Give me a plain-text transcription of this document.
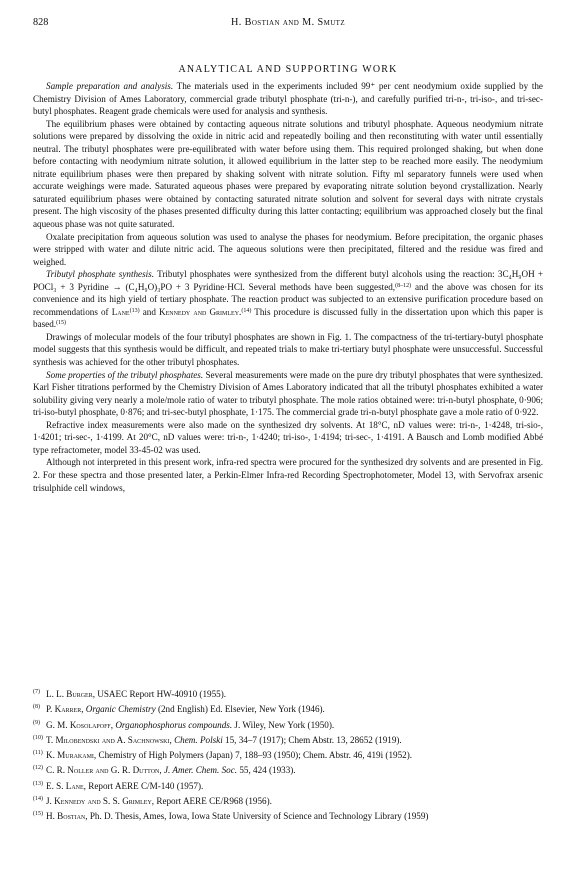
828	H. Bostian and M. Smutz
ANALYTICAL AND SUPPORTING WORK

Sample preparation and analysis. The materials used in the experiments included 99⁺ per cent neodymium oxide supplied by the Chemistry Division of Ames Laboratory, commercial grade tributyl phosphate (tri-n-), and carefully purified tri-n-, tri-iso-, and tri-sec-butyl phosphates. Reagent grade chemicals were used for analysis and synthesis.

The equilibrium phases were obtained by contacting aqueous nitrate solutions and tributyl phosphate. Aqueous neodymium nitrate solutions were prepared by dissolving the oxide in nitric acid and repeatedly boiling and then reconstituting with water until essentially neutral. The tributyl phosphates were pre-equilibrated with water before using them. This required prolonged shaking, but when done before contacting with neodymium nitrate solution, it allowed equilibrium in the latter step to be reached more easily. The neodymium nitrate equilibrium phases were then prepared by shaking solvent with nitrate solution. Fifty ml separatory funnels were used when accurate weighings were made. Saturated aqueous phases were prepared by evaporating nitrate solution beyond crystallization. Nearly saturated equilibrium phases were obtained by contacting saturated nitrate solution and solvent for several days with nitrate crystals present. The high viscosity of the phases presented difficulty during this latter contacting; equilibrium was approached closely but the final aqueous phase was not quite saturated.

Oxalate precipitation from aqueous solution was used to analyse the phases for neodymium. Before precipitation, the organic phases were stripped with water and dilute nitric acid. The aqueous solutions were then precipitated, filtered and the residue was fired and weighed.

Tributyl phosphate synthesis. Tributyl phosphates were synthesized from the different butyl alcohols using the reaction: 3C₄H₉OH + POCl₃ + 3 Pyridine → (C₄H₉O)₃PO + 3 Pyridine·HCl. Several methods have been suggested,$^{(8-12)}$ and the above was chosen for its convenience and its high yield of tertiary phosphate. The reaction product was subjected to an extensive purification procedure based on recommendations of Lane$^{(13)}$ and Kennedy and Grimley.$^{(14)}$ This procedure is discussed fully in the dissertation upon which this paper is based.$^{(15)}$

Drawings of molecular models of the four tributyl phosphates are shown in Fig. 1. The compactness of the tri-tertiary-butyl phosphate model suggests that this synthesis would be difficult, and repeated trials to make tri-tertiary butyl phosphate were unsuccessful. Successful synthesis was achieved for the other tributyl phosphates.

Some properties of the tributyl phosphates. Several measurements were made on the pure dry tributyl phosphates that were synthesized. Karl Fisher titrations performed by the Chemistry Division of Ames Laboratory indicated that all the tributyl phosphates exhibited a water solubility giving very nearly a mole/mole ratio of water to tributyl phosphate. The mole ratios obtained were: tri-n-butyl phosphate, 0·906; tri-iso-butyl phosphate, 0·876; and tri-sec-butyl phosphate, 1·175. The commercial grade tri-n-butyl phosphate gave a mole ratio of 0·922.

Refractive index measurements were also made on the synthesized dry solvents. At 18°C, nD values were: tri-n-, 1·4248, tri-sio-, 1·4201; tri-sec-, 1·4199. At 20°C, nD values were: tri-n-, 1·4240; tri-iso-, 1·4194; tri-sec-, 1·4191. A Bausch and Lomb modified Abbé type refractometer, model 33-45-02 was used.

Although not interpreted in this present work, infra-red spectra were procured for the synthesized dry solvents and are presented in Fig. 2. For these spectra and those presented later, a Perkin-Elmer Infra-red Recording Spectrophotometer, Model 13, with Servofrax arsenic trisulphide cell windows,

(7) L. L. Burger, USAEC Report HW-40910 (1955).
(8) P. Karrer, Organic Chemistry (2nd English) Ed. Elsevier, New York (1946).
(9) G. M. Kosolapoff, Organophosphorus compounds. J. Wiley, New York (1950).
(10) T. Milobendski and A. Sachnowski, Chem. Polski 15, 34–7 (1917); Chem Abstr. 13, 28652 (1919).
(11) K. Murakami, Chemistry of High Polymers (Japan) 7, 188–93 (1950); Chem. Abstr. 46, 419i (1952).
(12) C. R. Noller and G. R. Dutton, J. Amer. Chem. Soc. 55, 424 (1933).
(13) E. S. Lane, Report AERE C/M-140 (1957).
(14) J. Kennedy and S. S. Grimley, Report AERE CE/R968 (1956).
(15) H. Bostian, Ph. D. Thesis, Ames, Iowa, Iowa State University of Science and Technology Library (1959)
